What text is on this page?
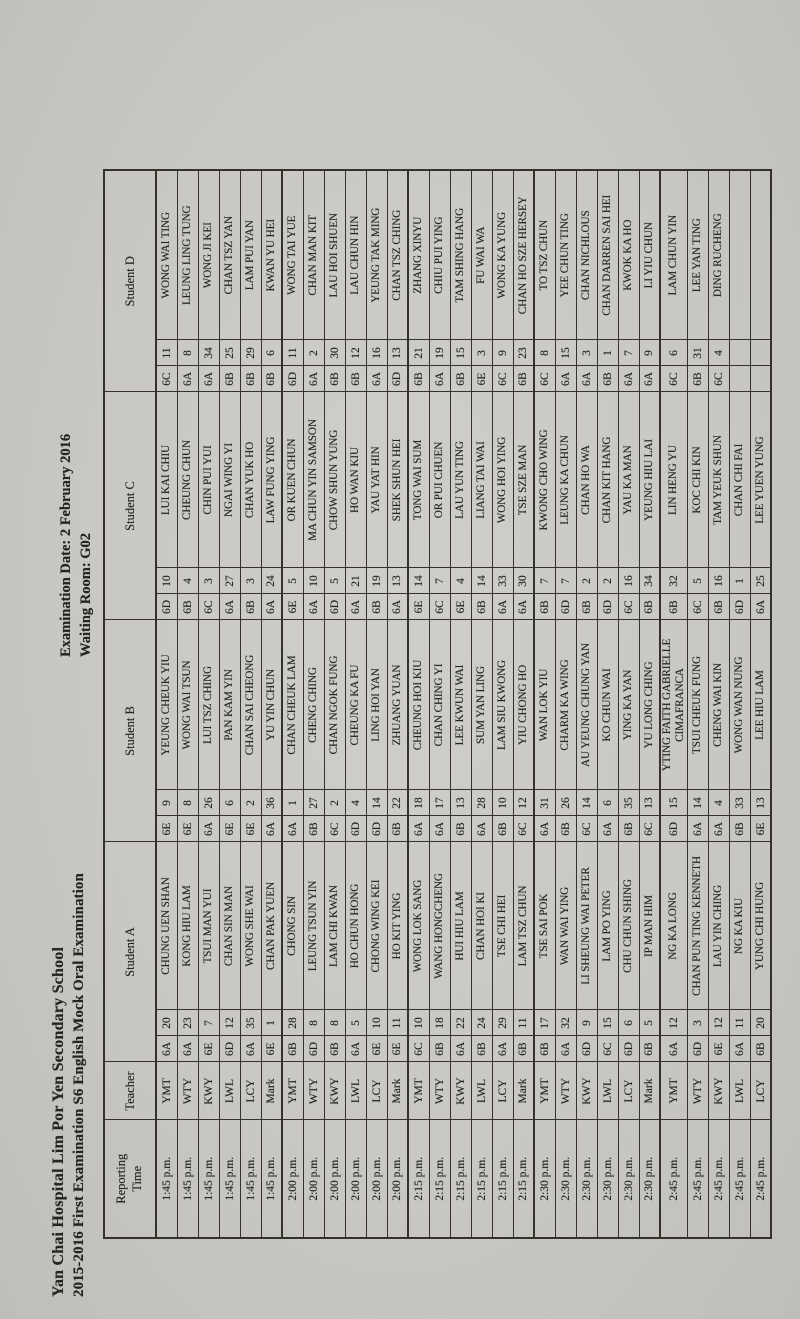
Yan Chai Hospital Lim Por Yen Secondary School 2015-2016 First Examination S6 English Mock Oral Examination
Examination Date: 2 February 2016 Waiting Room: G02
Reporting Time	Teacher	Student A			Student B			Student C			Student D		
1:45 p.m.	YMT	6A	20	CHUNG UEN SHAN	6E	9	YEUNG CHEUK YIU	6D	10	LUI KAI CHIU	6C	11	WONG WAI TING
1:45 p.m.	WTY	6A	23	KONG HIU LAM	6E	8	WONG WAI TSUN	6B	4	CHEUNG CHUN	6A	8	LEUNG LING TUNG
1:45 p.m.	KWY	6E	7	TSUI MAN YUI	6A	26	LUI TSZ CHING	6C	3	CHIN PUI YUI	6A	34	WONG JI KEI
1:45 p.m.	LWL	6D	12	CHAN SIN MAN	6E	6	PAN KAM YIN	6A	27	NGAI WING YI	6B	25	CHAN TSZ YAN
1:45 p.m.	LCY	6A	35	WONG SHE WAI	6E	2	CHAN SAI CHEONG	6B	3	CHAN YUK HO	6B	29	LAM PUI YAN
1:45 p.m.	Mark	6E	1	CHAN PAK YUEN	6A	36	YU YIN CHUN	6A	24	LAW FUNG YING	6B	6	KWAN YU HEI
2:00 p.m.	YMT	6B	28	CHONG SIN	6A	1	CHAN CHEUK LAM	6E	5	OR KUEN CHUN	6D	11	WONG TAI YUE
2:00 p.m.	WTY	6D	8	LEUNG TSUN YIN	6B	27	CHENG CHING	6A	10	MA CHUN YIN SAMSON	6A	2	CHAN MAN KIT
2:00 p.m.	KWY	6B	8	LAM CHI KWAN	6C	2	CHAN NGOK FUNG	6D	5	CHOW SHUN YUNG	6B	30	LAU HOI SHUEN
2:00 p.m.	LWL	6A	5	HO CHUN HONG	6D	4	CHEUNG KA FU	6A	21	HO WAN KIU	6B	12	LAU CHUN HIN
2:00 p.m.	LCY	6E	10	CHONG WING KEI	6D	14	LING HOI YAN	6B	19	YAU YAT HIN	6A	16	YEUNG TAK MING
2:00 p.m.	Mark	6E	11	HO KIT YING	6B	22	ZHUANG YUAN	6A	13	SHEK SHUN HEI	6D	13	CHAN TSZ CHING
2:15 p.m.	YMT	6C	10	WONG LOK SANG	6A	18	CHEUNG HOI KIU	6E	14	TONG WAI SUM	6B	21	ZHANG XINYU
2:15 p.m.	WTY	6B	18	WANG HONGCHENG	6A	17	CHAN CHING YI	6C	7	OR PUI CHUEN	6A	19	CHIU PUI YING
2:15 p.m.	KWY	6A	22	HUI HIU LAM	6B	13	LEE KWUN WAI	6E	4	LAU YUN TING	6B	15	TAM SHING HANG
2:15 p.m.	LWL	6B	24	CHAN HOI KI	6A	28	SUM YAN LING	6B	14	LIANG TAI WAI	6E	3	FU WAI WA
2:15 p.m.	LCY	6A	29	TSE CHI HEI	6B	10	LAM SIU KWONG	6A	33	WONG HOI YING	6C	9	WONG KA YUNG
2:15 p.m.	Mark	6B	11	LAM TSZ CHUN	6C	12	YIU CHONG HO	6A	30	TSE SZE MAN	6B	23	CHAN HO SZE HERSEY
2:30 p.m.	YMT	6B	17	TSE SAI POK	6A	31	WAN LOK YIU	6B	7	KWONG CHO WING	6C	8	TO TSZ CHUN
2:30 p.m.	WTY	6A	32	WAN WAI YING	6B	26	CHARM KA WING	6D	7	LEUNG KA CHUN	6A	15	YEE CHUN TING
2:30 p.m.	KWY	6D	9	LI SHEUNG WAI PETER	6C	14	AU YEUNG CHUNG YAN	6B	2	CHAN HO WA	6A	3	CHAN NICHLOUS
2:30 p.m.	LWL	6C	15	LAM PO YING	6A	6	KO CHUN WAI	6D	2	CHAN KIT HANG	6B	1	CHAN DARREN SAI HEI
2:30 p.m.	LCY	6D	6	CHU CHUN SHING	6B	35	YING KA YAN	6C	16	YAU KA MAN	6A	7	KWOK KA HO
2:30 p.m.	Mark	6B	5	IP MAN HIM	6C	13	YU LONG CHING	6B	34	YEUNG HIU LAI	6A	9	LI YIU CHUN
2:45 p.m.	YMT	6A	12	NG KA LONG	6D	15	YTING FAITH GABRIELLE CIMAFRANCA	6B	32	LIN HENG YU	6C	6	LAM CHUN YIN
2:45 p.m.	WTY	6D	3	CHAN PUN TING KENNETH	6A	14	TSUI CHEUK FUNG	6C	5	KOC CHI KIN	6B	31	LEE YAN TING
2:45 p.m.	KWY	6E	12	LAU YIN CHING	6A	4	CHENG WAI KIN	6B	16	TAM YEUK SHUN	6C	4	DING RUCHENG
2:45 p.m.	LWL	6A	11	NG KA KIU	6B	33	WONG WAN NUNG	6D	1	CHAN CHI FAI			
2:45 p.m.	LCY	6B	20	YUNG CHI HUNG	6E	13	LEE HIU LAM	6A	25	LEE YUEN YUNG			
